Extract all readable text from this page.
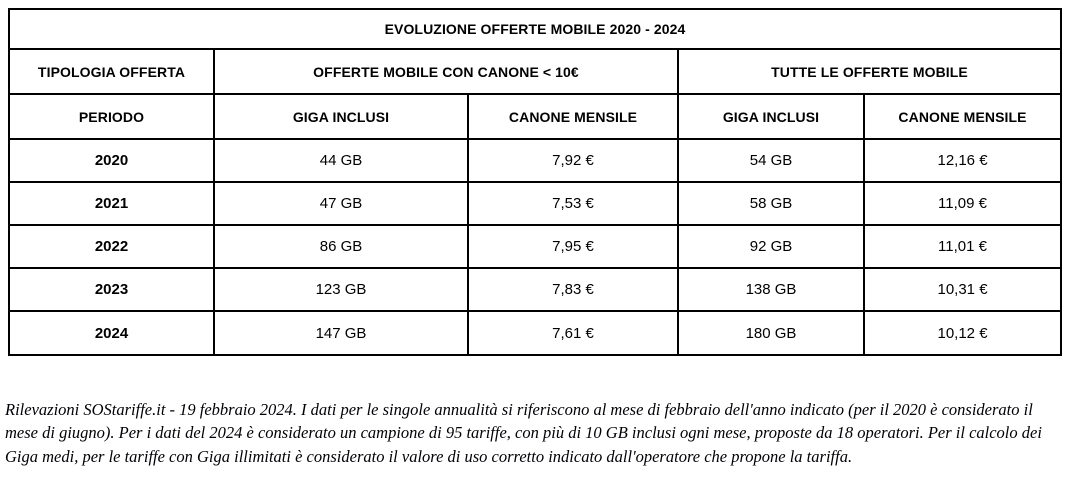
EVOLUZIONE OFFERTE MOBILE 2020 - 2024				
TIPOLOGIA OFFERTA	OFFERTE MOBILE CON CANONE < 10€		TUTTE LE OFFERTE MOBILE	
PERIODO	GIGA INCLUSI	CANONE MENSILE	GIGA INCLUSI	CANONE MENSILE
2020	44 GB	7,92 €	54 GB	12,16 €
2021	47 GB	7,53 €	58 GB	11,09 €
2022	86 GB	7,95 €	92 GB	11,01 €
2023	123 GB	7,83 €	138 GB	10,31 €
2024	147 GB	7,61 €	180 GB	10,12 €
Rilevazioni SOStariffe.it - 19 febbraio 2024. I dati per le singole annualità si riferiscono al mese di febbraio dell'anno indicato (per il 2020 è considerato il mese di giugno). Per i dati del 2024 è considerato un campione di 95 tariffe, con più di 10 GB inclusi ogni mese, proposte da 18 operatori. Per il calcolo dei Giga medi, per le tariffe con Giga illimitati è considerato il valore di uso corretto indicato dall'operatore che propone la tariffa.
